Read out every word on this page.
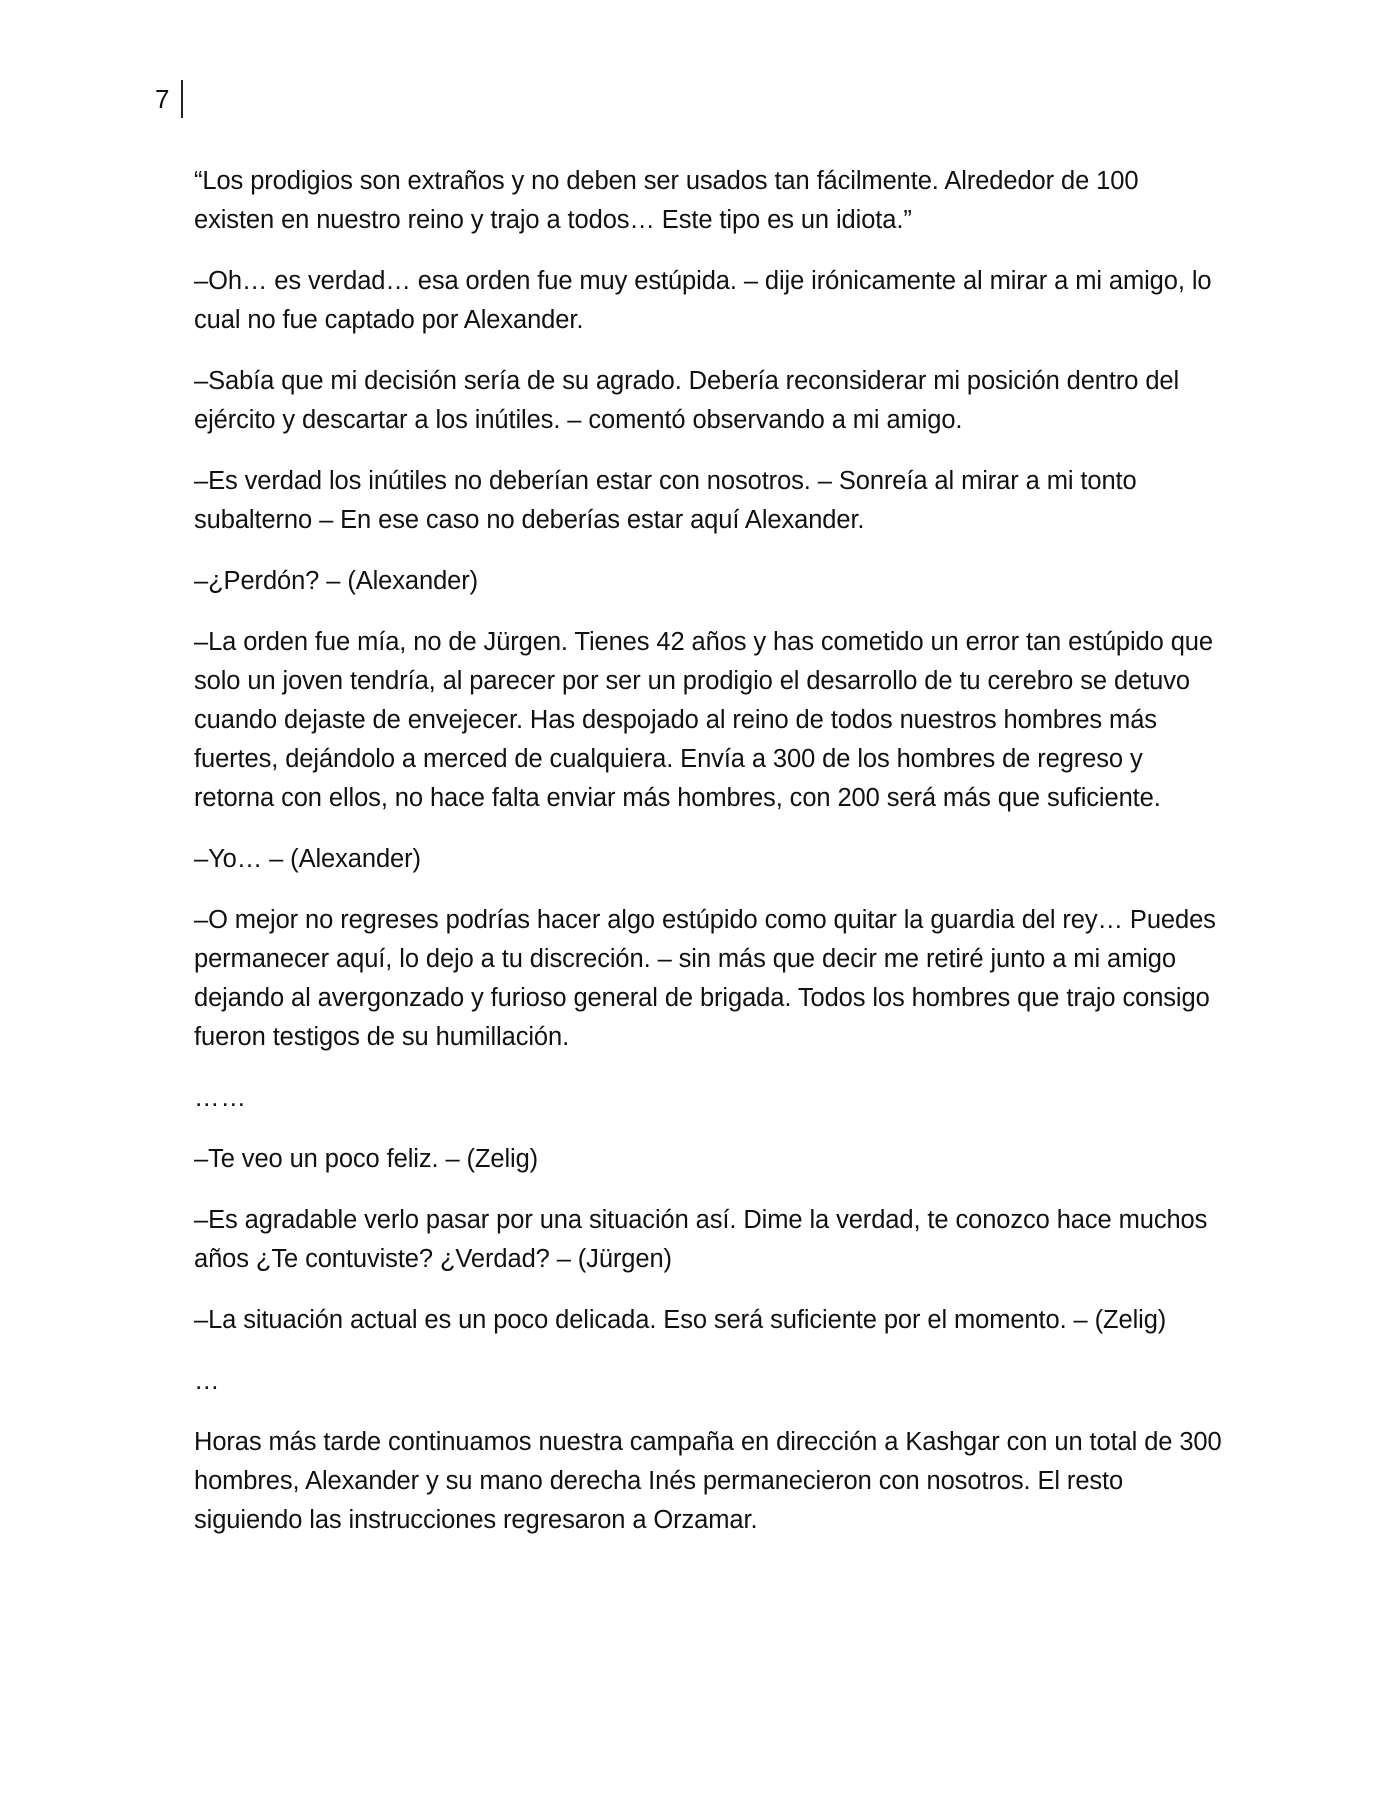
7

“Los prodigios son extraños y no deben ser usados tan fácilmente. Alrededor de 100 existen en nuestro reino y trajo a todos… Este tipo es un idiota.”

–Oh… es verdad… esa orden fue muy estúpida. – dije irónicamente al mirar a mi amigo, lo cual no fue captado por Alexander.

–Sabía que mi decisión sería de su agrado. Debería reconsiderar mi posición dentro del ejército y descartar a los inútiles. – comentó observando a mi amigo.

–Es verdad los inútiles no deberían estar con nosotros. – Sonreía al mirar a mi tonto subalterno – En ese caso no deberías estar aquí Alexander.

–¿Perdón? – (Alexander)

–La orden fue mía, no de Jürgen. Tienes 42 años y has cometido un error tan estúpido que solo un joven tendría, al parecer por ser un prodigio el desarrollo de tu cerebro se detuvo cuando dejaste de envejecer. Has despojado al reino de todos nuestros hombres más fuertes, dejándolo a merced de cualquiera. Envía a 300 de los hombres de regreso y retorna con ellos, no hace falta enviar más hombres, con 200 será más que suficiente.

–Yo… – (Alexander)

–O mejor no regreses podrías hacer algo estúpido como quitar la guardia del rey… Puedes permanecer aquí, lo dejo a tu discreción. – sin más que decir me retiré junto a mi amigo dejando al avergonzado y furioso general de brigada. Todos los hombres que trajo consigo fueron testigos de su humillación.

……

–Te veo un poco feliz. – (Zelig)

–Es agradable verlo pasar por una situación así. Dime la verdad, te conozco hace muchos años ¿Te contuviste? ¿Verdad? – (Jürgen)

–La situación actual es un poco delicada. Eso será suficiente por el momento. – (Zelig)

…

Horas más tarde continuamos nuestra campaña en dirección a Kashgar con un total de 300 hombres, Alexander y su mano derecha Inés permanecieron con nosotros. El resto siguiendo las instrucciones regresaron a Orzamar.
